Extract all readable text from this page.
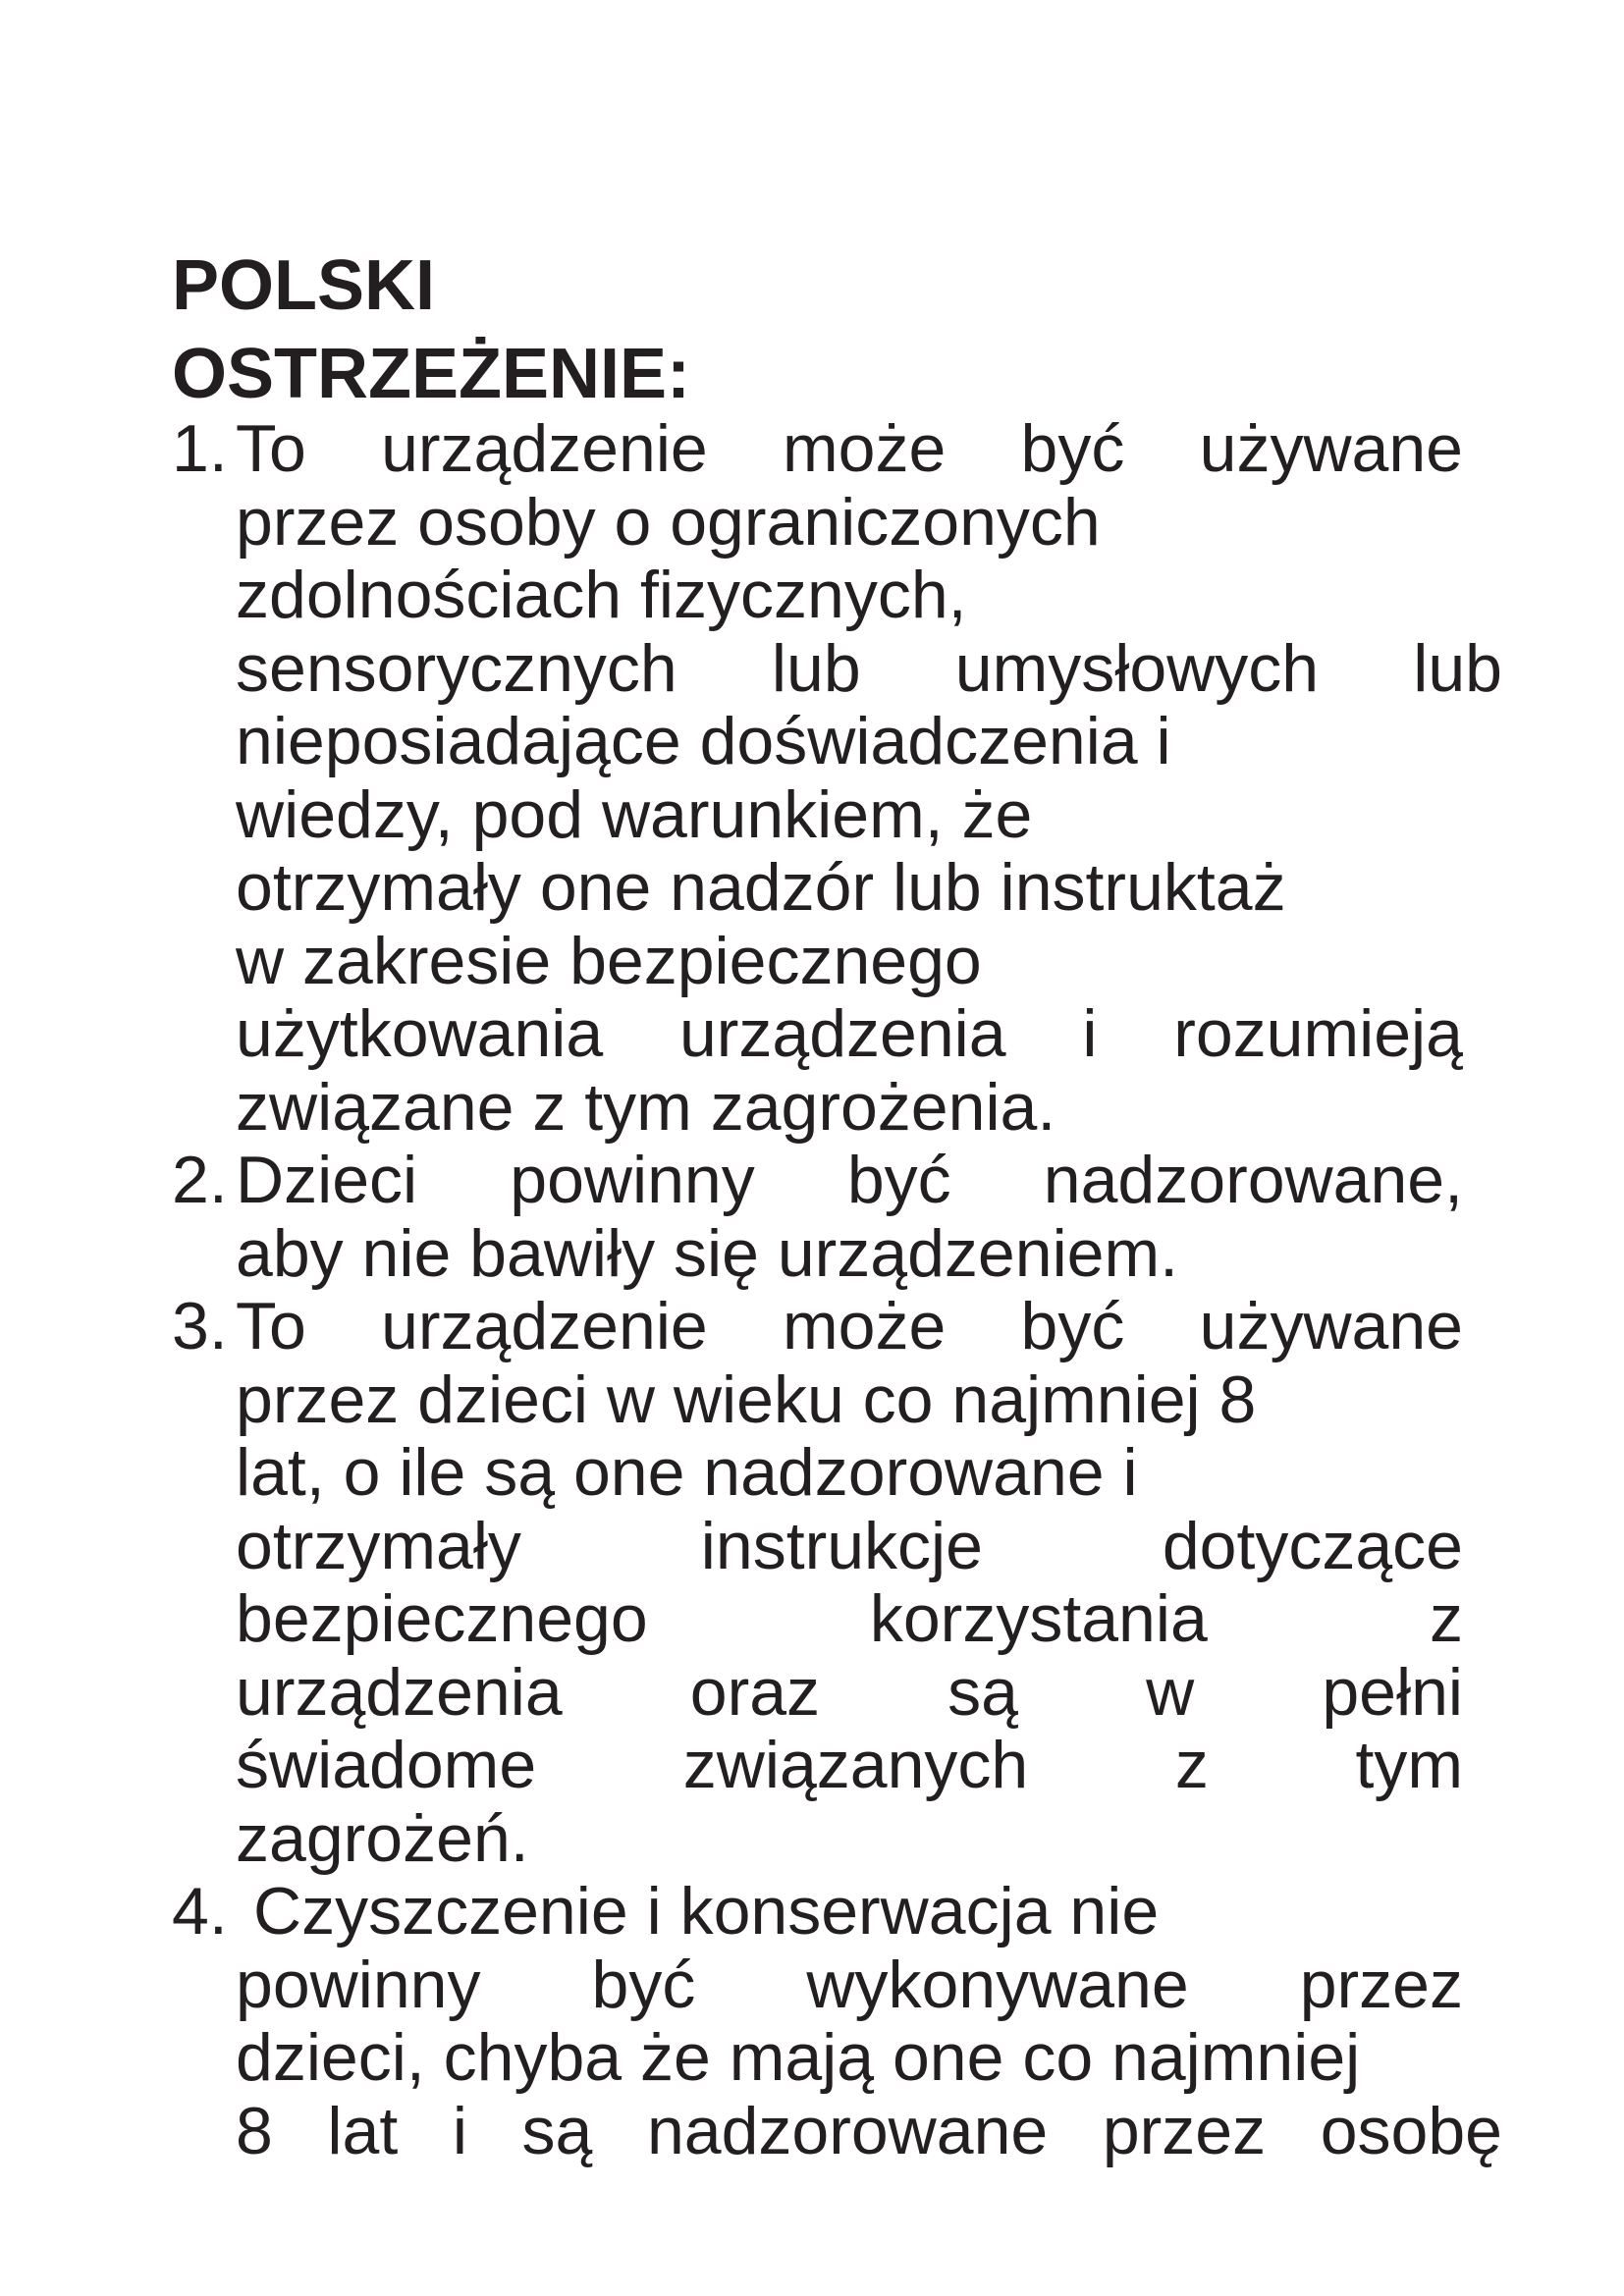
POLSKI
OSTRZEŻENIE:
1. To urządzenie może być używane
przez osoby o ograniczonych
zdolnościach fizycznych,
sensorycznych lub umysłowych lub
nieposiadające doświadczenia i
wiedzy, pod warunkiem, że
otrzymały one nadzór lub instruktaż
w zakresie bezpiecznego
użytkowania urządzenia i rozumieją
związane z tym zagrożenia.
2. Dzieci powinny być nadzorowane,
aby nie bawiły się urządzeniem.
3. To urządzenie może być używane
przez dzieci w wieku co najmniej 8
lat, o ile są one nadzorowane i
otrzymały instrukcje dotyczące
bezpiecznego korzystania z
urządzenia oraz są w pełni
świadome związanych z tym
zagrożeń.
4. Czyszczenie i konserwacja nie
powinny być wykonywane przez
dzieci, chyba że mają one co najmniej
8 lat i są nadzorowane przez osobę
